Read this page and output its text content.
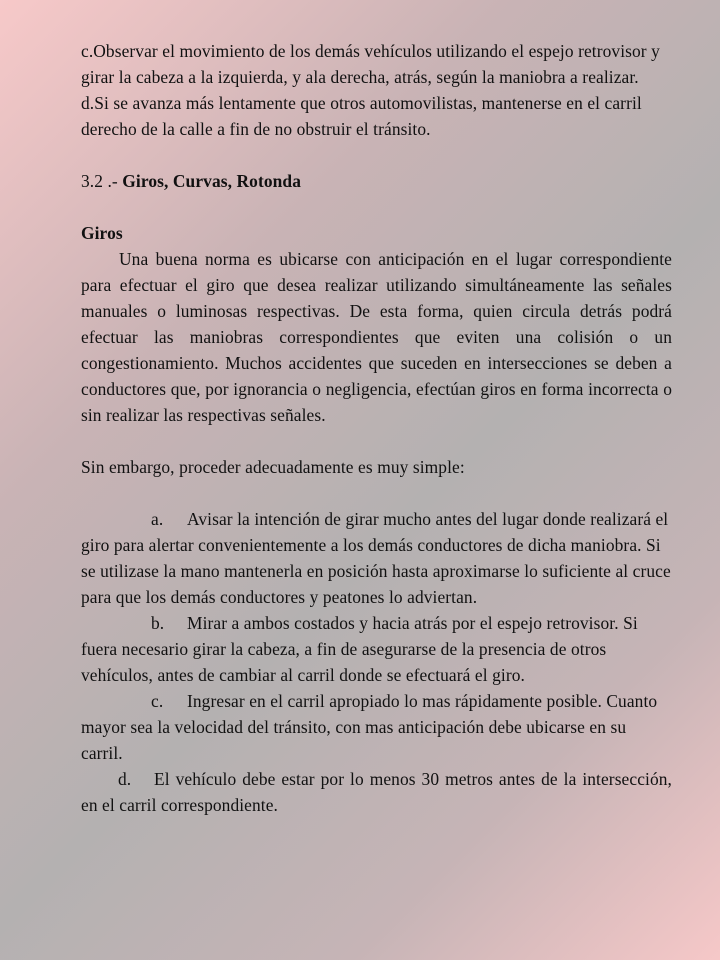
c.Observar el movimiento de los demás vehículos utilizando el espejo retrovisor y girar la cabeza a la izquierda, y ala derecha, atrás, según la maniobra a realizar.

d.Si se avanza más lentamente que otros automovilistas, mantenerse en el carril derecho de la calle a fin de no obstruir el tránsito.

3.2 .- Giros, Curvas, Rotonda

Giros

Una buena norma es ubicarse con anticipación en el lugar correspondiente para efectuar el giro que desea realizar utilizando simultáneamente las señales manuales o luminosas respectivas. De esta forma, quien circula detrás podrá efectuar las maniobras correspondientes que eviten una colisión o un congestionamiento. Muchos accidentes que suceden en intersecciones se deben a conductores que, por ignorancia o negligencia, efectúan giros en forma incorrecta o sin realizar las respectivas señales.

Sin embargo, proceder adecuadamente es muy simple:

a. Avisar la intención de girar mucho antes del lugar donde realizará el giro para alertar convenientemente a los demás conductores de dicha maniobra. Si se utilizase la mano mantenerla en posición hasta aproximarse lo suficiente al cruce para que los demás conductores y peatones lo adviertan.

b. Mirar a ambos costados y hacia atrás por el espejo retrovisor. Si fuera necesario girar la cabeza, a fin de asegurarse de la presencia de otros vehículos, antes de cambiar al carril donde se efectuará el giro.

c. Ingresar en el carril apropiado lo mas rápidamente posible. Cuanto mayor sea la velocidad del tránsito, con mas anticipación debe ubicarse en su carril.

d. El vehículo debe estar por lo menos 30 metros antes de la intersección, en el carril correspondiente.
